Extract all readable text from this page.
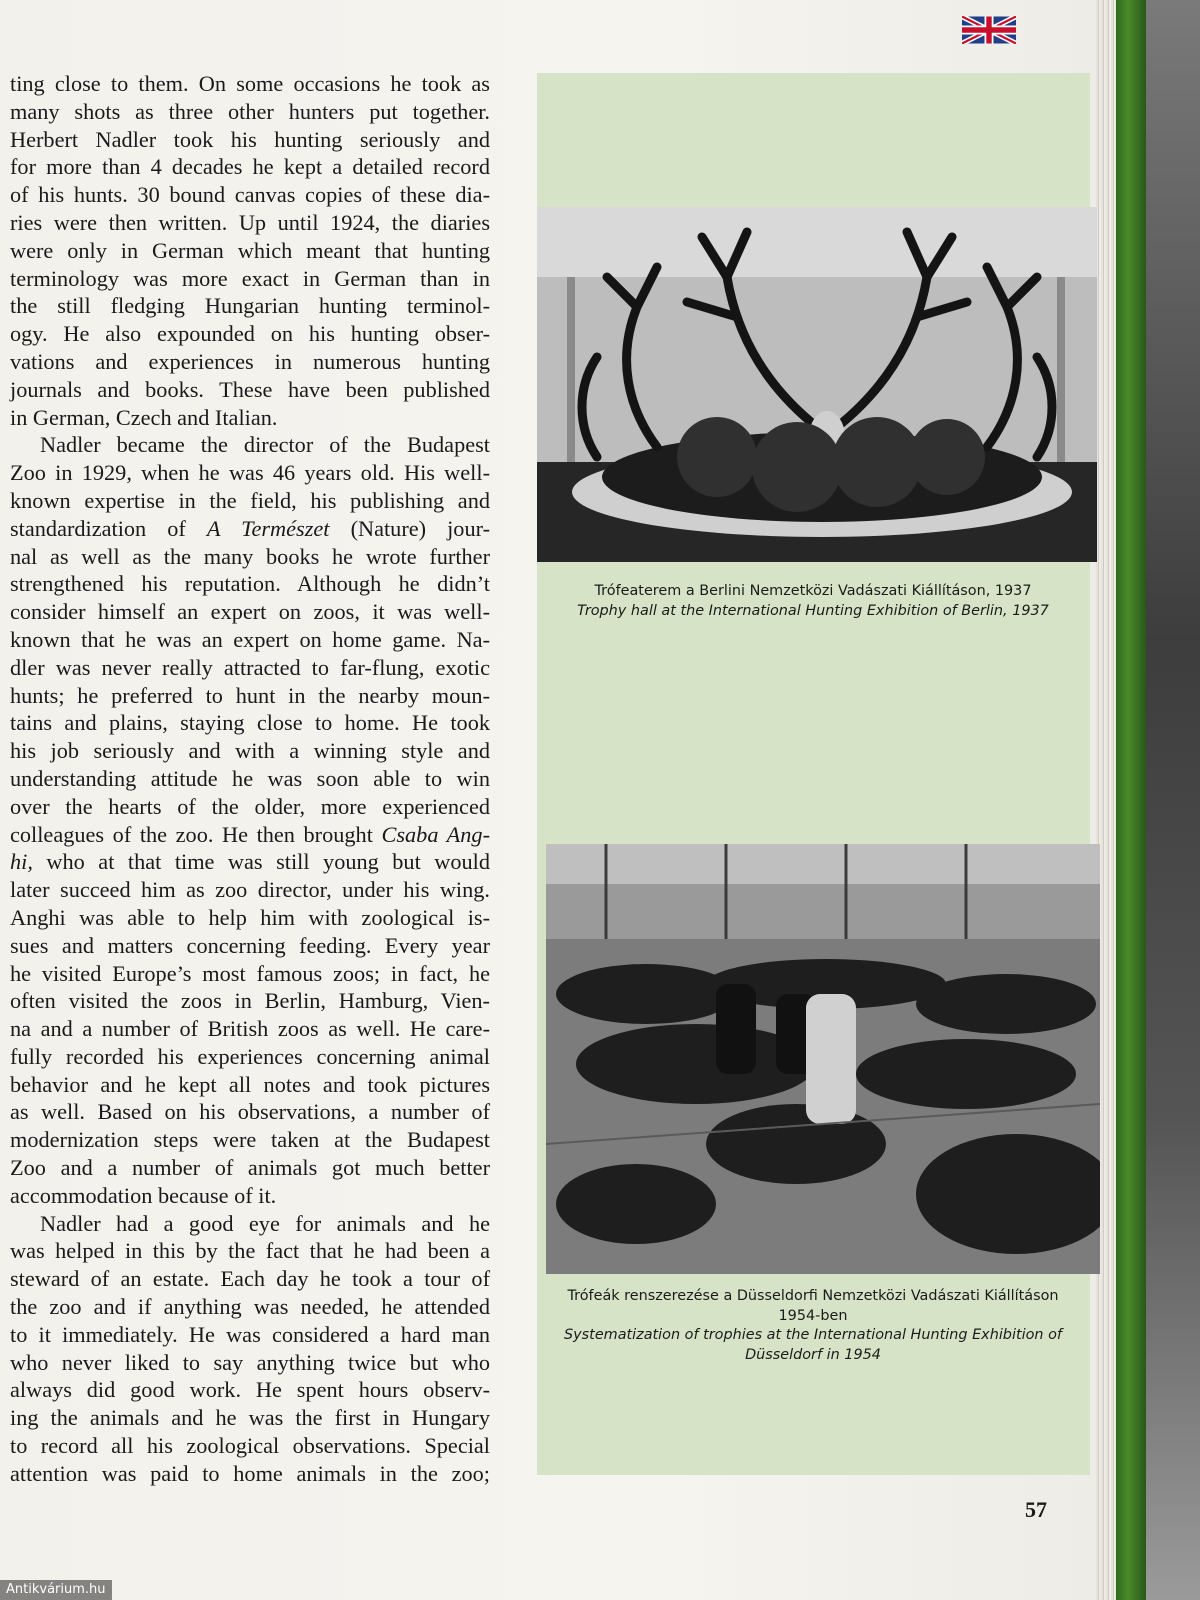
ting close to them. On some occasions he took as
many shots as three other hunters put together.
Herbert Nadler took his hunting seriously and
for more than 4 decades he kept a detailed record
of his hunts. 30 bound canvas copies of these dia-
ries were then written. Up until 1924, the diaries
were only in German which meant that hunting
terminology was more exact in German than in
the still fledging Hungarian hunting terminol-
ogy. He also expounded on his hunting obser-
vations and experiences in numerous hunting
journals and books. These have been published
in German, Czech and Italian.
Nadler became the director of the Budapest
Zoo in 1929, when he was 46 years old. His well-
known expertise in the field, his publishing and
standardization of A Természet (Nature) jour-
nal as well as the many books he wrote further
strengthened his reputation. Although he didn’t
consider himself an expert on zoos, it was well-
known that he was an expert on home game. Na-
dler was never really attracted to far-flung, exotic
hunts; he preferred to hunt in the nearby moun-
tains and plains, staying close to home. He took
his job seriously and with a winning style and
understanding attitude he was soon able to win
over the hearts of the older, more experienced
colleagues of the zoo. He then brought Csaba Ang-
hi, who at that time was still young but would
later succeed him as zoo director, under his wing.
Anghi was able to help him with zoological is-
sues and matters concerning feeding. Every year
he visited Europe’s most famous zoos; in fact, he
often visited the zoos in Berlin, Hamburg, Vien-
na and a number of British zoos as well. He care-
fully recorded his experiences concerning animal
behavior and he kept all notes and took pictures
as well. Based on his observations, a number of
modernization steps were taken at the Budapest
Zoo and a number of animals got much better
accommodation because of it.
Nadler had a good eye for animals and he
was helped in this by the fact that he had been a
steward of an estate. Each day he took a tour of
the zoo and if anything was needed, he attended
to it immediately. He was considered a hard man
who never liked to say anything twice but who
always did good work. He spent hours observ-
ing the animals and he was the first in Hungary
to record all his zoological observations. Special
attention was paid to home animals in the zoo;
Trófeaterem a Berlini Nemzetközi Vadászati Kiállításon, 1937
Trophy hall at the International Hunting Exhibition of Berlin, 1937
Trófeák renszerezése a Düsseldorfi Nemzetközi Vadászati Kiállításon 1954-ben
Systematization of trophies at the International Hunting Exhibition of Düsseldorf in 1954
57
Antikvárium.hu
